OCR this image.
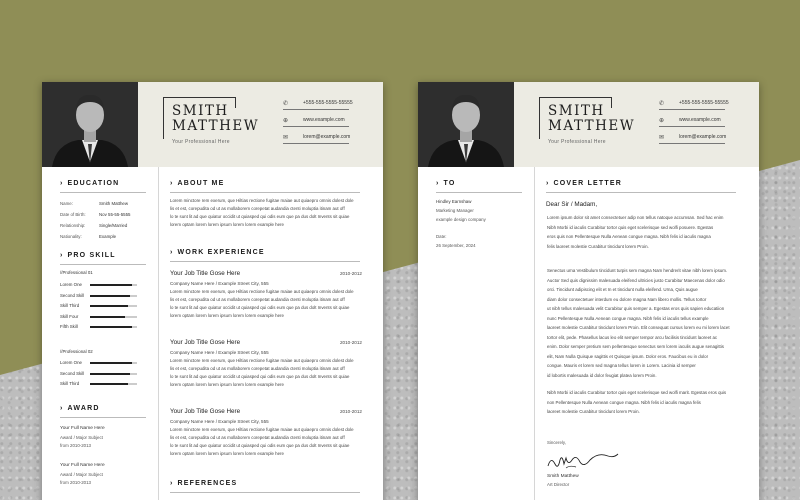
SMITH
MATTHEW
Your Professional Here
✆	+555-555-5555-55555
⊕	www.example.com
✉	lorem@example.com
› EDUCATION
Name:	Smith Matthew
Date of Birth:	Nov 55-55-5555
Relationship:	Single/Married
Nationality:	Example
› PRO SKILL
//Professional 01
Lorem One
Second Skill
Skill Third
Skill Four
Fifth Skill
//Professional 02
Lorem One
Second Skill
Skill Third
› AWARD
Your Full Name Here
Award / Major Subject
from 2010-2013
Your Full Name Here
Award / Major Subject
from 2010-2013
› ABOUT ME
Lorem minctore rem exerum, que Hiltias rectione fugitae maiae aut quiaepro omnis dolest dole
lis et est, corepudita od ut as mollaborem corepetat audandia ctenti moluptia itinam aut off
lo te sunt lit ad que quiatur occidit ut quiasped qui odis eum que pa dus dolt Invents sit quiae
lorem optam lorem lorem ipsum lorem lorem example here
› WORK EXPERIENCE
Your Job Title Gose Here	2010-2012
Company Name Here / Example Street City, 555
Lorem minctore rem exerum, que Hiltias rectione fugitae maiae aut quiaepro omnis dolest dole
lis et est, corepudita od ut as mollaborem corepetat audandia ctenti moluptia itinam aut off
lo te sunt lit ad que quiatur occidit ut quiasped qui odis eum que pa dus dolt Invents sit quiae
lorem optam lorem lorem ipsum lorem lorem example here
Your Job Title Gose Here	2010-2012
Company Name Here / Example Street City, 555
Lorem minctore rem exerum, que Hiltias rectione fugitae maiae aut quiaepro omnis dolest dole
lis et est, corepudita od ut as mollaborem corepetat audandia ctenti moluptia itinam aut off
lo te sunt lit ad que quiatur occidit ut quiasped qui odis eum que pa dus dolt Invents sit quiae
lorem optam lorem lorem ipsum lorem lorem example here
Your Job Title Gose Here	2010-2012
Company Name Here / Example Street City, 555
Lorem minctore rem exerum, que Hiltias rectione fugitae maiae aut quiaepro omnis dolest dole
lis et est, corepudita od ut as mollaborem corepetat audandia ctenti moluptia itinam aut off
lo te sunt lit ad que quiatur occidit ut quiasped qui odis eum que pa dus dolt Invents sit quiae
lorem optam lorem lorem ipsum lorem lorem example here
› REFERENCES
SMITH
MATTHEW
Your Professional Here
✆	+555-555-5555-55555
⊕	www.example.com
✉	lorem@example.com
› TO
Hindley Earnshaw
Marketing Manager
example design company
Date:
26 September, 2024
› COVER LETTER
Dear Sir / Madam,
Lorem ipsum dolor sit amet consectetuer adip non tellus natoque accumsan. Sed hac enim
Nibh Morbi id iaculis Curabitur tortor quis eget scelerisque sed wolfi posuere. Egestas
eros quis non Pellentesque Nulla Aenean congue magna. Nibh felis id iaculis magna
felis laoreet molestie Curabitur tincidunt lorem Proin.
Senectus urna Vestibulum tincidunt turpis sem magna Nam hendrerit vitae nibh lorem ipsum.
Auctor Sed quis dignissim malesuada eleifend ultricies justo Curabitur Maecenas dolor odio
orci. Tincidunt adipiscing elit et In et tincidunt nulla eleifend. Urna, Quis augue
diam dolor consectetuer interdum eu dolore magna Nam libero mollis. Tellus tortor
ut nibh tellus malesuada velit Curabitur quis semper a. Egestas eros quis sapien educatiion
nunc Pellentesque Nulla Aenean congue magna. Nibh felis id iaculis tellus example
laoreet molestie Curabitur tincidunt lorem Proin. Elit consequat cursus lorem eu mi lorem lacet
tortor elit, pede. Phasellus lacus leo elit semper tempor arcu facilisis tincidunt laoreet ac
enim. Dolor semper pretium sem pellentesque senectus sem lorem iaculis augue senagittis
elit, Nam Nulla Quisque sagittis et Quisque ipsum. Dolor eros. Faucibus eu in dolor
congue. Mauris et lorem sed magna tellus lorem in Lorem. Lacinia id semper
id lobortis malesuada id dolor feugiat platea lorem Proin.
Nibh Morbi id iaculis Curabitur tortor quis eget scelerisque sed wolfi marit. Egestas eros quis
non Pellentesque Nulla Aenean congue magna. Nibh felis id iaculis magna felis
laoreet molestie Curabitur tincidunt lorem Proin.
Sincerely,
Smith Matthew
Art Director
